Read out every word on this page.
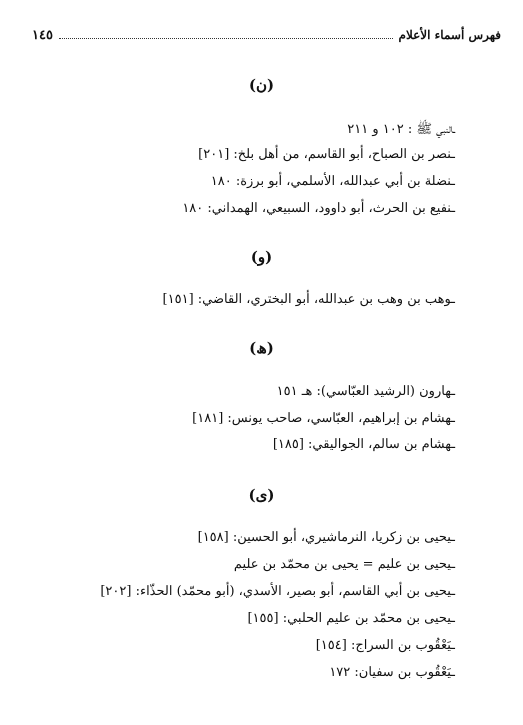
فهرس أسماء الأعلام
١٤٥
(ن)
ـالنبي ﷺ : ١٠٢ و ٢١١
ـنصر بن الصباح، أبو القاسم، من أهل بلخ: [٢٠١]
ـنضلة بن أبي عبدالله، الأسلمي، أبو برزة: ١٨٠
ـنفيع بن الحرث، أبو داوود، السبيعي، الهمداني: ١٨٠
(و)
ـوهب بن وهب بن عبدالله، أبو البختري، القاضي: [١٥١]
(ھ)
ـهارون (الرشيد العبّاسي): هـ ١٥١
ـهشام بن إبراهيم، العبّاسي، صاحب يونس: [١٨١]
ـهشام بن سالم، الجواليقي: [١٨٥]
(ى)
ـيحيى بن زكريا، النرماشيري، أبو الحسين: [١٥٨]
ـيحيى بن عليم = يحيى بن محمّد بن عليم
ـيحيى بن أبي القاسم، أبو بصير، الأسدي، (أبو محمّد) الحذّاء: [٢٠٢]
ـيحيى بن محمّد بن عليم الحلبي: [١٥٥]
ـيَعْقُوب بن السراج: [١٥٤]
ـيَعْقُوب بن سفيان: ١٧٢
